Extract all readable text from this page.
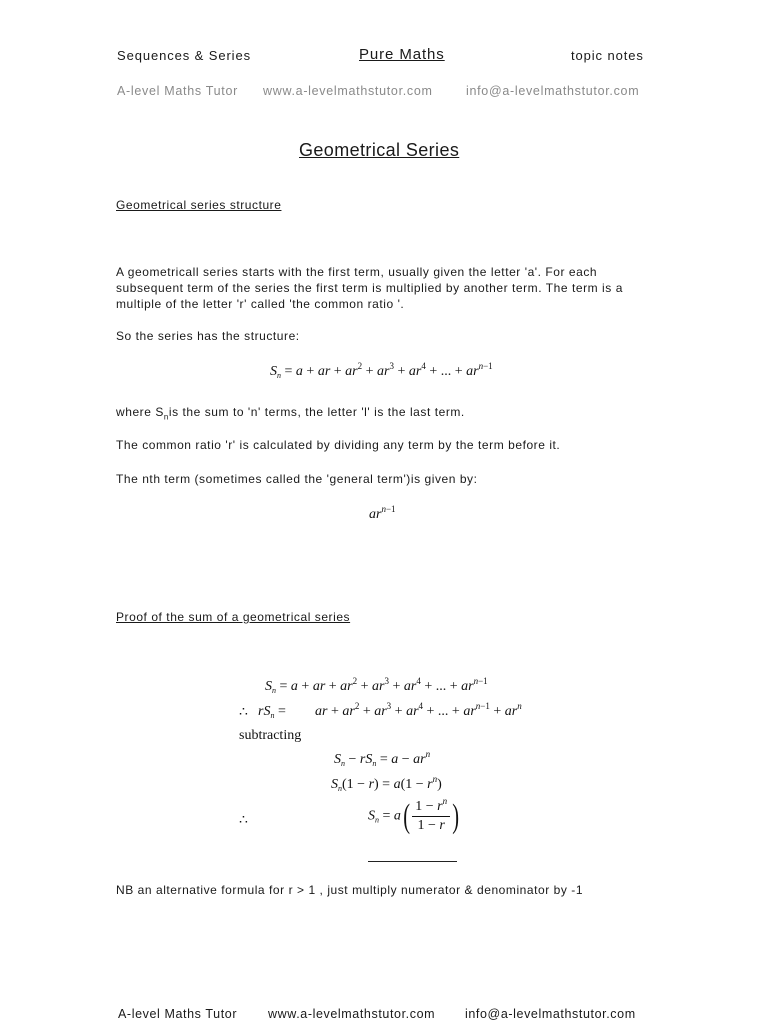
Sequences & Series	Pure Maths	topic notes
A-level Maths Tutor www.a-levelmathstutor.com	info@a-levelmathstutor.com
Geometrical Series
Geometrical series structure
A geometricall series starts with the first term, usually given the letter 'a'. For each
subsequent term of the series the first term is multiplied by another term. The term is a
multiple of the letter 'r' called 'the common ratio '.
So the series has the structure:
$S_n = a$ + ar + $ar^2 + ar^3 + ar^4$ + ... + $ar^{n-1}$
where $S_nis$ the sum to 'n' terms, the letter 'l' is the last term.
The common ratio 'r' is calculated by dividing any term by the term before it.
The nth term (sometimes called the 'general term')is given by:
$ar^{n-1}$
Proof of the sum of a geometrical series
$S_n = a$ + ar + $ar^2 + ar^3 + ar^4$ + ... + $ar^{n-1}$
∴ $rS_n$ = ar + $ar^2 + ar^3 + ar^4$ + ... + $ar^{n-1} + ar^n$
subtracting
$S_n - rS_n = a - ar^n$
$S_n(1 - r) = a(1 - r^n)$
∴	$S_n = a( \frac{1 - r^n}{1 - r}$ )
NB an alternative formula for r > 1 , just multiply numerator & denominator by -1
A-level Maths Tutor www.a-levelmathstutor.com info@a-levelmathstutor.com
